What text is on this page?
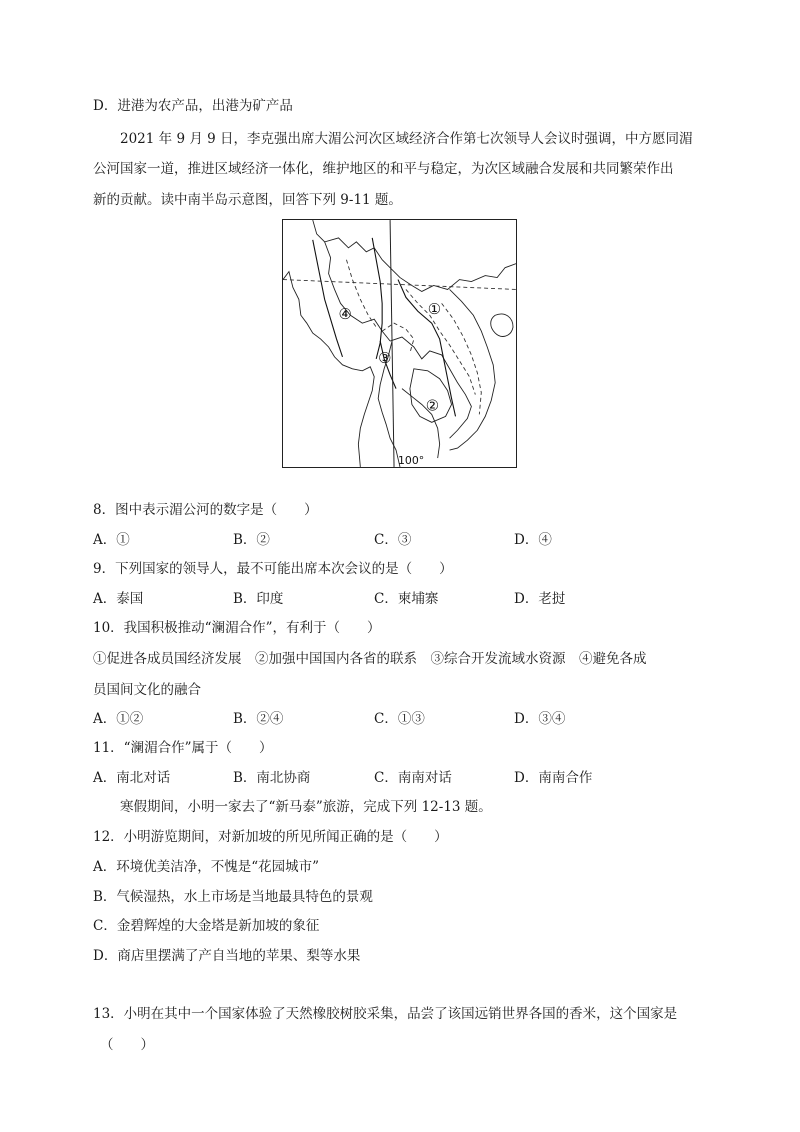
D．进港为农产品，出港为矿产品
2021 年 9 月 9 日，李克强出席大湄公河次区域经济合作第七次领导人会议时强调，中方愿同湄
公河国家一道，推进区域经济一体化，维护地区的和平与稳定，为次区域融合发展和共同繁荣作出
新的贡献。读中南半岛示意图，回答下列 9-11 题。
①
②
③
④
100°
8．图中表示湄公河的数字是（　　）
A．①	B．②	C．③	D．④
9．下列国家的领导人，最不可能出席本次会议的是（　　）
A．泰国	B．印度	C．柬埔寨	D．老挝
10．我国积极推动“澜湄合作”，有利于（　　）
①促进各成员国经济发展　②加强中国国内各省的联系　③综合开发流域水资源　④避免各成
员国间文化的融合
A．①②	B．②④	C．①③	D．③④
11．“澜湄合作”属于（　　）
A．南北对话	B．南北协商	C．南南对话	D．南南合作
寒假期间，小明一家去了“新马泰”旅游，完成下列 12-13 题。
12．小明游览期间，对新加坡的所见所闻正确的是（　　）
A．环境优美洁净，不愧是“花园城市”
B．气候湿热，水上市场是当地最具特色的景观
C．金碧辉煌的大金塔是新加坡的象征
D．商店里摆满了产自当地的苹果、梨等水果
13．小明在其中一个国家体验了天然橡胶树胶采集，品尝了该国远销世界各国的香米，这个国家是
（　　）
